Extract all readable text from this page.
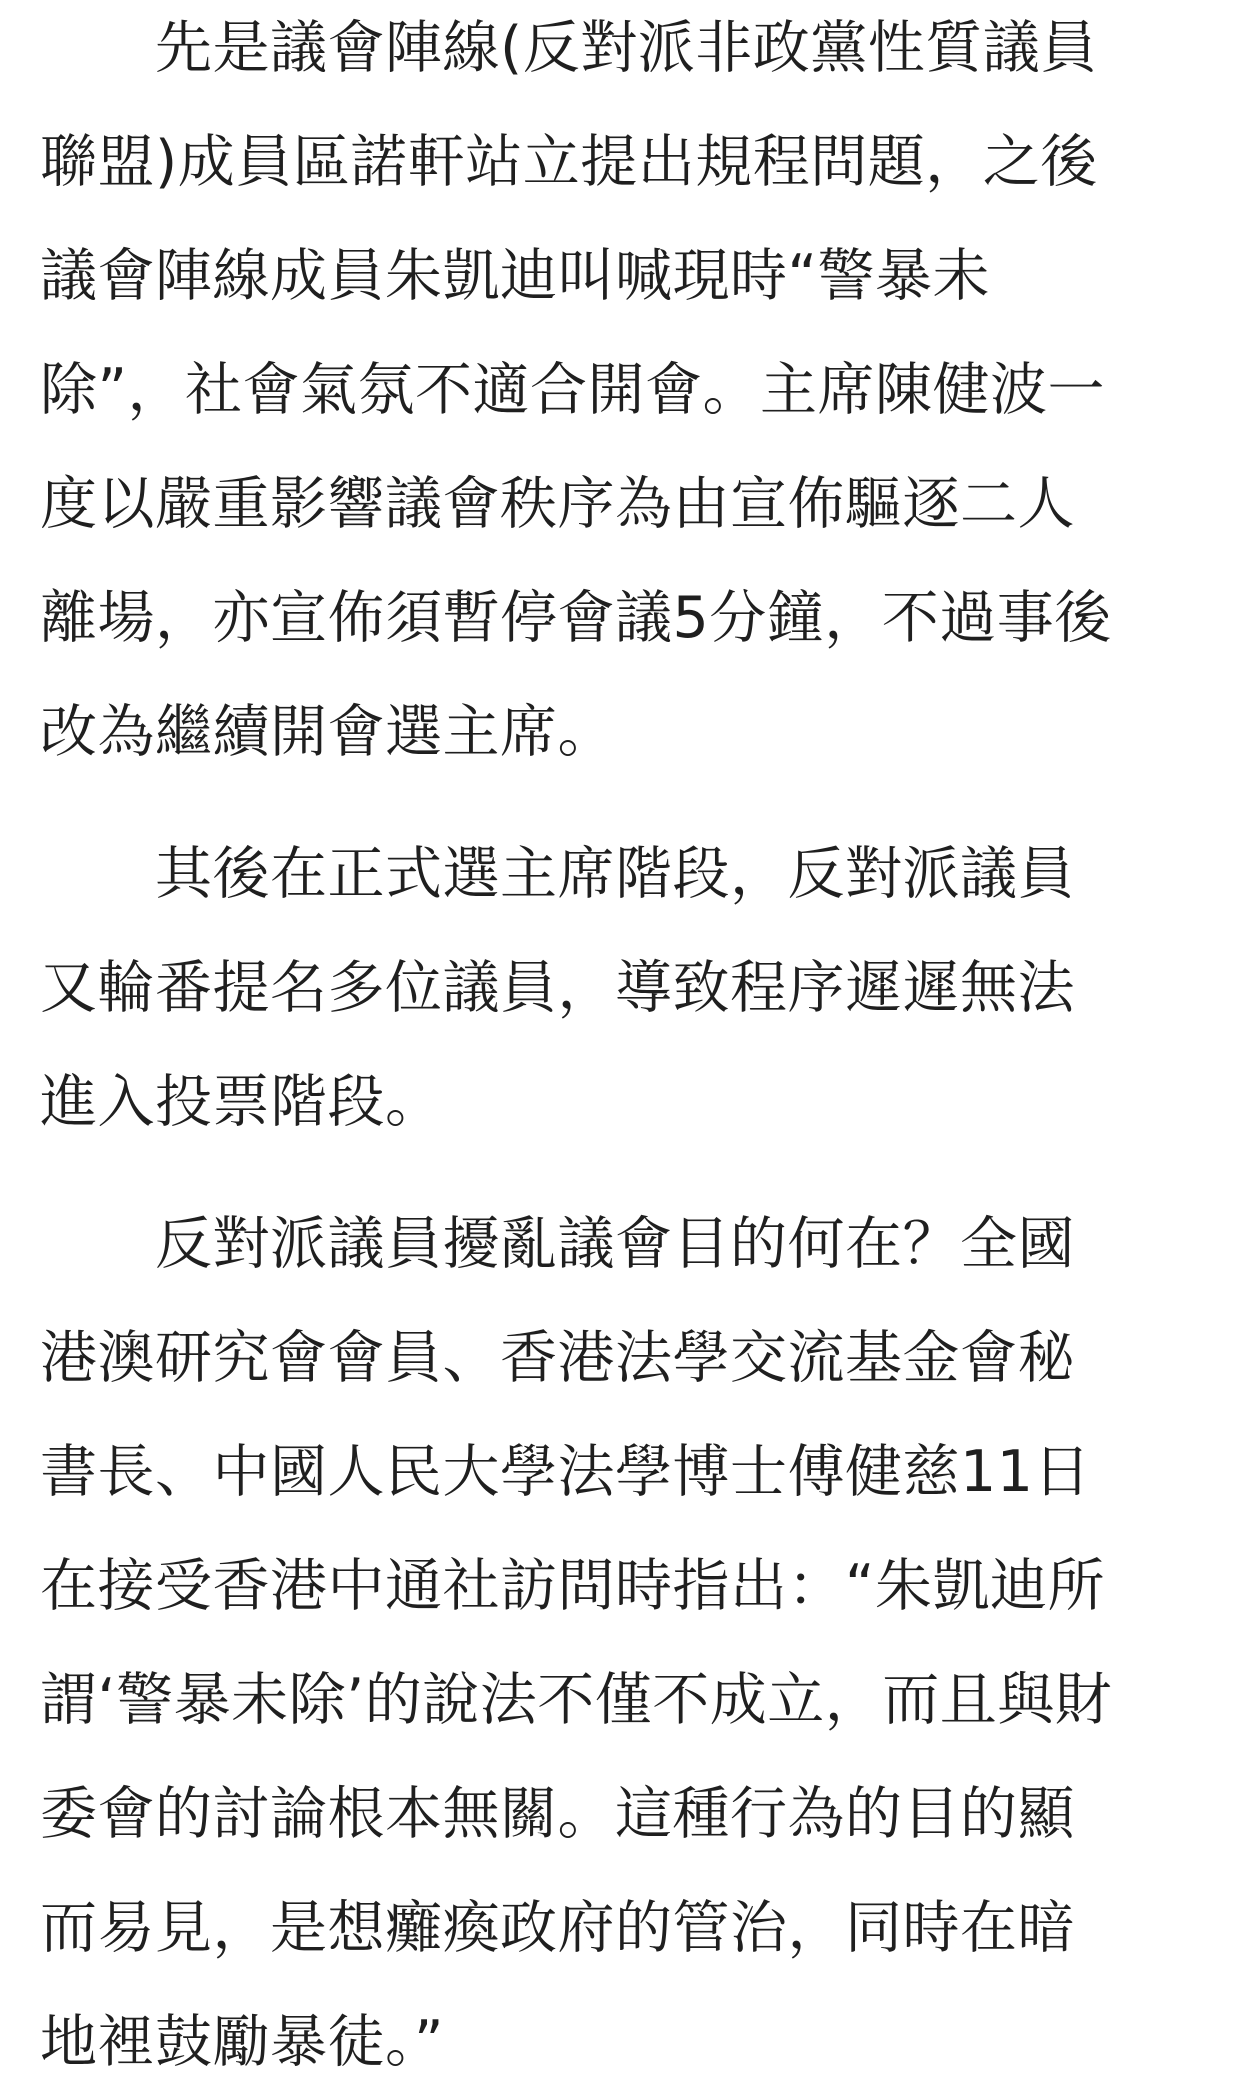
　　先是議會陣線(反對派非政黨性質議員
聯盟)成員區諾軒站立提出規程問題，之後
議會陣線成員朱凱迪叫喊現時“警暴未
除”，社會氣氛不適合開會。主席陳健波一
度以嚴重影響議會秩序為由宣佈驅逐二人
離場，亦宣佈須暫停會議5分鐘，不過事後
改為繼續開會選主席。

　　其後在正式選主席階段，反對派議員
又輪番提名多位議員，導致程序遲遲無法
進入投票階段。

　　反對派議員擾亂議會目的何在？全國
港澳研究會會員、香港法學交流基金會秘
書長、中國人民大學法學博士傅健慈11日
在接受香港中通社訪問時指出：“朱凱迪所
謂‘警暴未除’的說法不僅不成立，而且與財
委會的討論根本無關。這種行為的目的顯
而易見，是想癱瘓政府的管治，同時在暗
地裡鼓勵暴徒。”
